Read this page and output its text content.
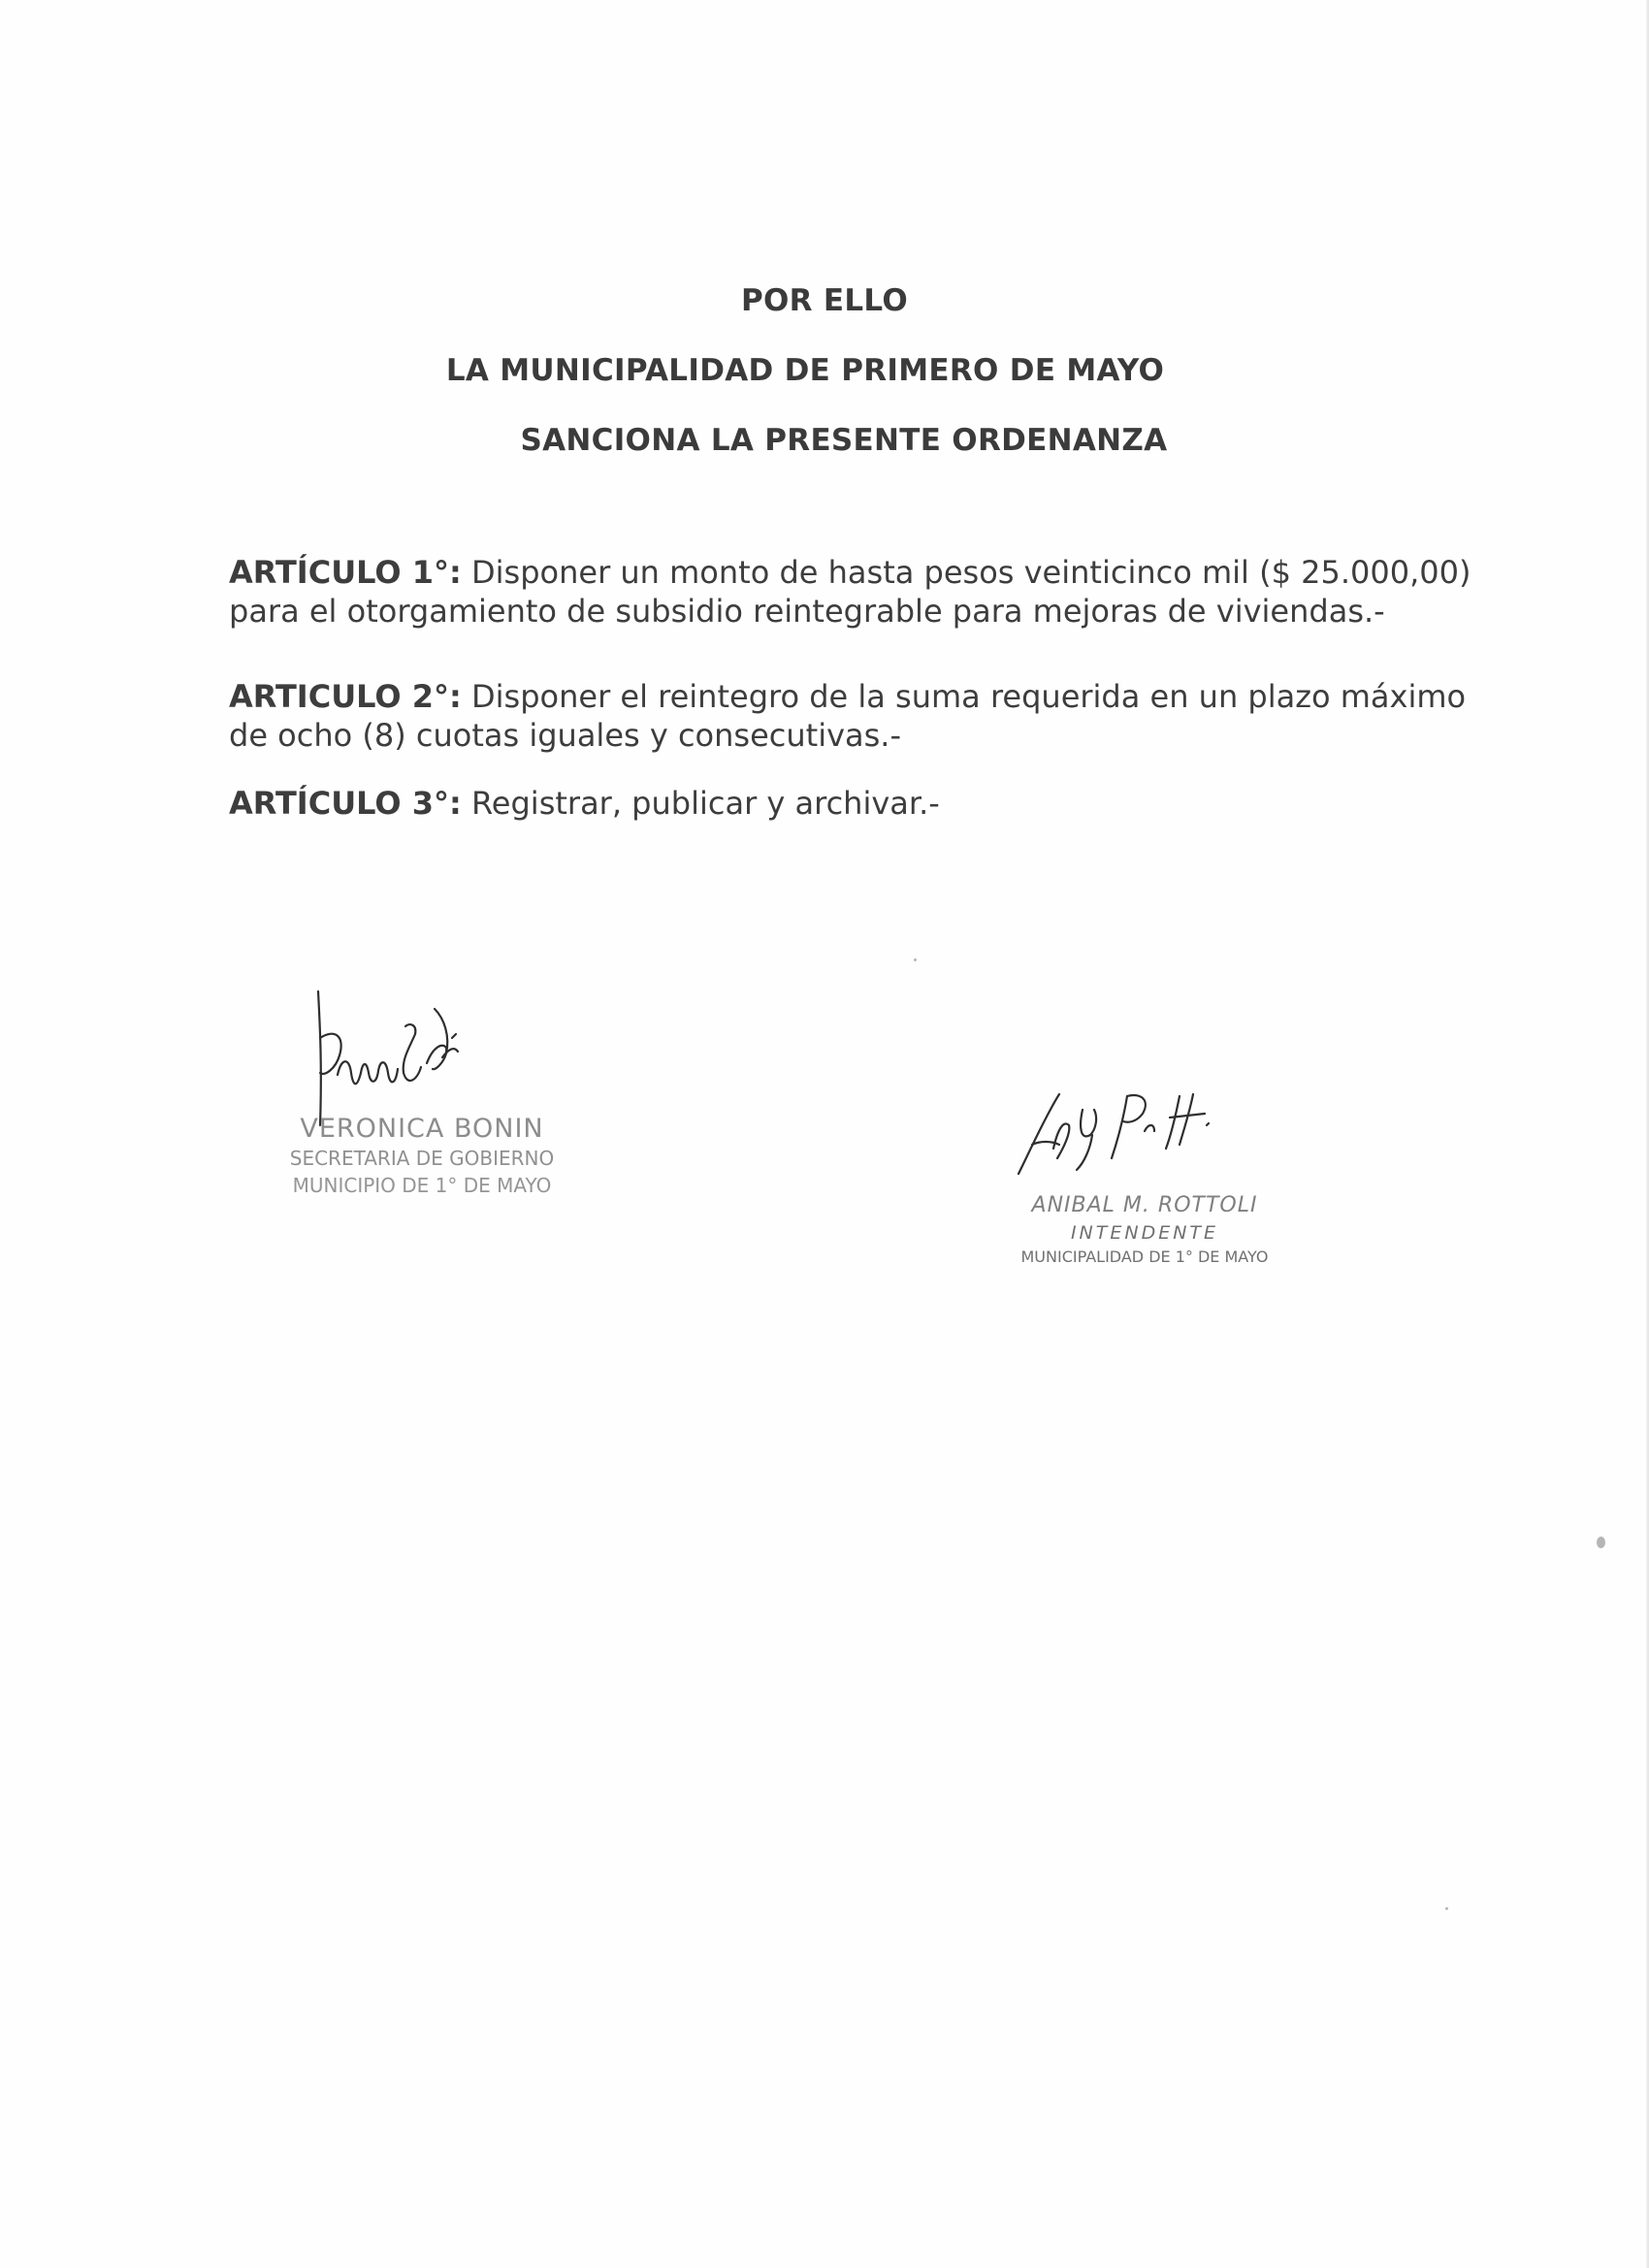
POR ELLO
LA MUNICIPALIDAD DE PRIMERO DE MAYO
SANCIONA LA PRESENTE ORDENANZA
ARTÍCULO 1°: Disponer un monto de hasta pesos veinticinco mil ($ 25.000,00) para el otorgamiento de subsidio reintegrable para mejoras de viviendas.-
ARTICULO 2°: Disponer el reintegro de la suma requerida en un plazo máximo de ocho (8) cuotas iguales y consecutivas.-
ARTÍCULO 3°: Registrar, publicar y archivar.-
VERONICA BONIN
SECRETARIA DE GOBIERNO
MUNICIPIO DE 1° DE MAYO
ANIBAL M. ROTTOLI
INTENDENTE
MUNICIPALIDAD DE 1° DE MAYO
